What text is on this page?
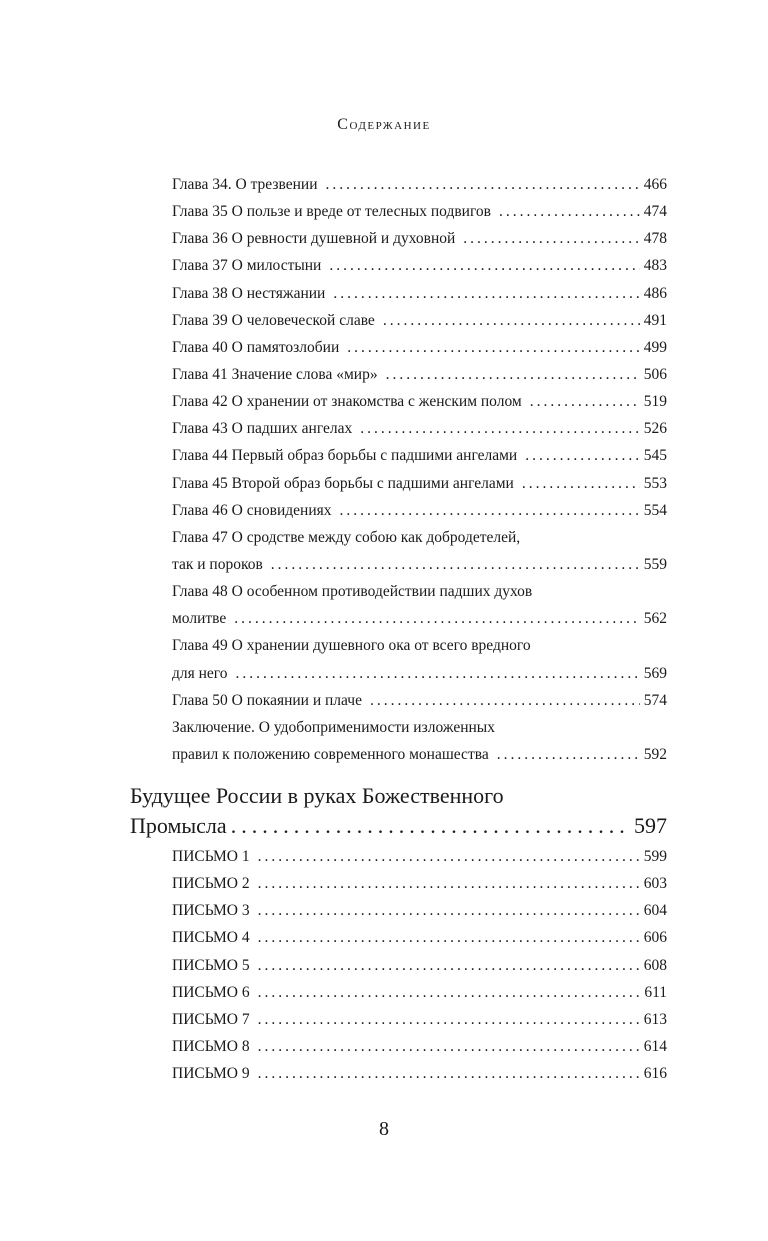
Содержание
Глава 34. О трезвении .....	466
Глава 35 О пользе и вреде от телесных подвигов .....	474
Глава 36 О ревности душевной и духовной .....	478
Глава 37 О милостыни .....	483
Глава 38 О нестяжании .....	486
Глава 39 О человеческой славе .....	491
Глава 40 О памятозлобии .....	499
Глава 41 Значение слова «мир» .....	506
Глава 42 О хранении от знакомства с женским полом .....	519
Глава 43 О падших ангелах .....	526
Глава 44 Первый образ борьбы с падшими ангелами .....	545
Глава 45 Второй образ борьбы с падшими ангелами .....	553
Глава 46 О сновидениях .....	554
Глава 47 О сродстве между собою как добродетелей,
так и пороков .....	559
Глава 48 О особенном противодействии падших духов
молитве .....	562
Глава 49 О хранении душевного ока от всего вредного
для него .....	569
Глава 50 О покаянии и плаче .....	574
Заключение. О удобоприменимости изложенных
правил к положению современного монашества .....	592
Будущее России в руках Божественного
Промысла .....	597
ПИСЬМО 1 .....	599
ПИСЬМО 2 .....	603
ПИСЬМО 3 .....	604
ПИСЬМО 4 .....	606
ПИСЬМО 5 .....	608
ПИСЬМО 6 .....	611
ПИСЬМО 7 .....	613
ПИСЬМО 8 .....	614
ПИСЬМО 9 .....	616
8
